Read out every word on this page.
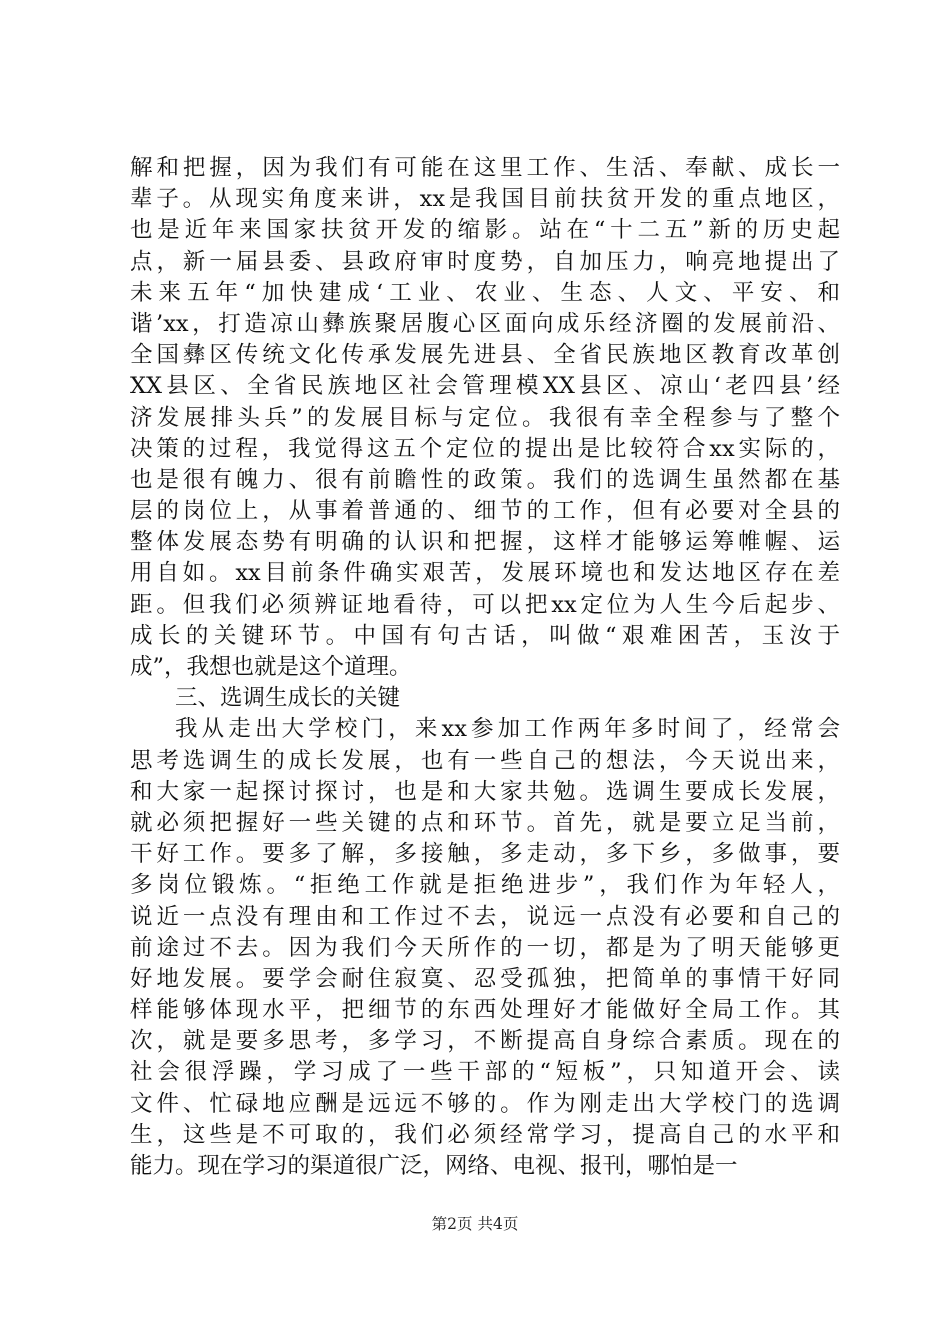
解和把握，因为我们有可能在这里工作、生活、奉献、成长一
辈子。从现实角度来讲，xx是我国目前扶贫开发的重点地区，
也是近年来国家扶贫开发的缩影。站在“十二五”新的历史起
点，新一届县委、县政府审时度势，自加压力，响亮地提出了
未来五年“加快建成‘工业、农业、生态、人文、平安、和
谐’xx，打造凉山彝族聚居腹心区面向成乐经济圈的发展前沿、
全国彝区传统文化传承发展先进县、全省民族地区教育改革创
XX县区、全省民族地区社会管理模XX县区、凉山‘老四县’经
济发展排头兵”的发展目标与定位。我很有幸全程参与了整个
决策的过程，我觉得这五个定位的提出是比较符合xx实际的，
也是很有魄力、很有前瞻性的政策。我们的选调生虽然都在基
层的岗位上，从事着普通的、细节的工作，但有必要对全县的
整体发展态势有明确的认识和把握，这样才能够运筹帷幄、运
用自如。xx目前条件确实艰苦，发展环境也和发达地区存在差
距。但我们必须辨证地看待，可以把xx定位为人生今后起步、
成长的关键环节。中国有句古话，叫做“艰难困苦，玉汝于
成”，我想也就是这个道理。
三、选调生成长的关键
我从走出大学校门，来xx参加工作两年多时间了，经常会
思考选调生的成长发展，也有一些自己的想法，今天说出来，
和大家一起探讨探讨，也是和大家共勉。选调生要成长发展，
就必须把握好一些关键的点和环节。首先，就是要立足当前，
干好工作。要多了解，多接触，多走动，多下乡，多做事，要
多岗位锻炼。“拒绝工作就是拒绝进步”，我们作为年轻人，
说近一点没有理由和工作过不去，说远一点没有必要和自己的
前途过不去。因为我们今天所作的一切，都是为了明天能够更
好地发展。要学会耐住寂寞、忍受孤独，把简单的事情干好同
样能够体现水平，把细节的东西处理好才能做好全局工作。其
次，就是要多思考，多学习，不断提高自身综合素质。现在的
社会很浮躁，学习成了一些干部的“短板”，只知道开会、读
文件、忙碌地应酬是远远不够的。作为刚走出大学校门的选调
生，这些是不可取的，我们必须经常学习，提高自己的水平和
能力。现在学习的渠道很广泛，网络、电视、报刊，哪怕是一
第2页 共4页
